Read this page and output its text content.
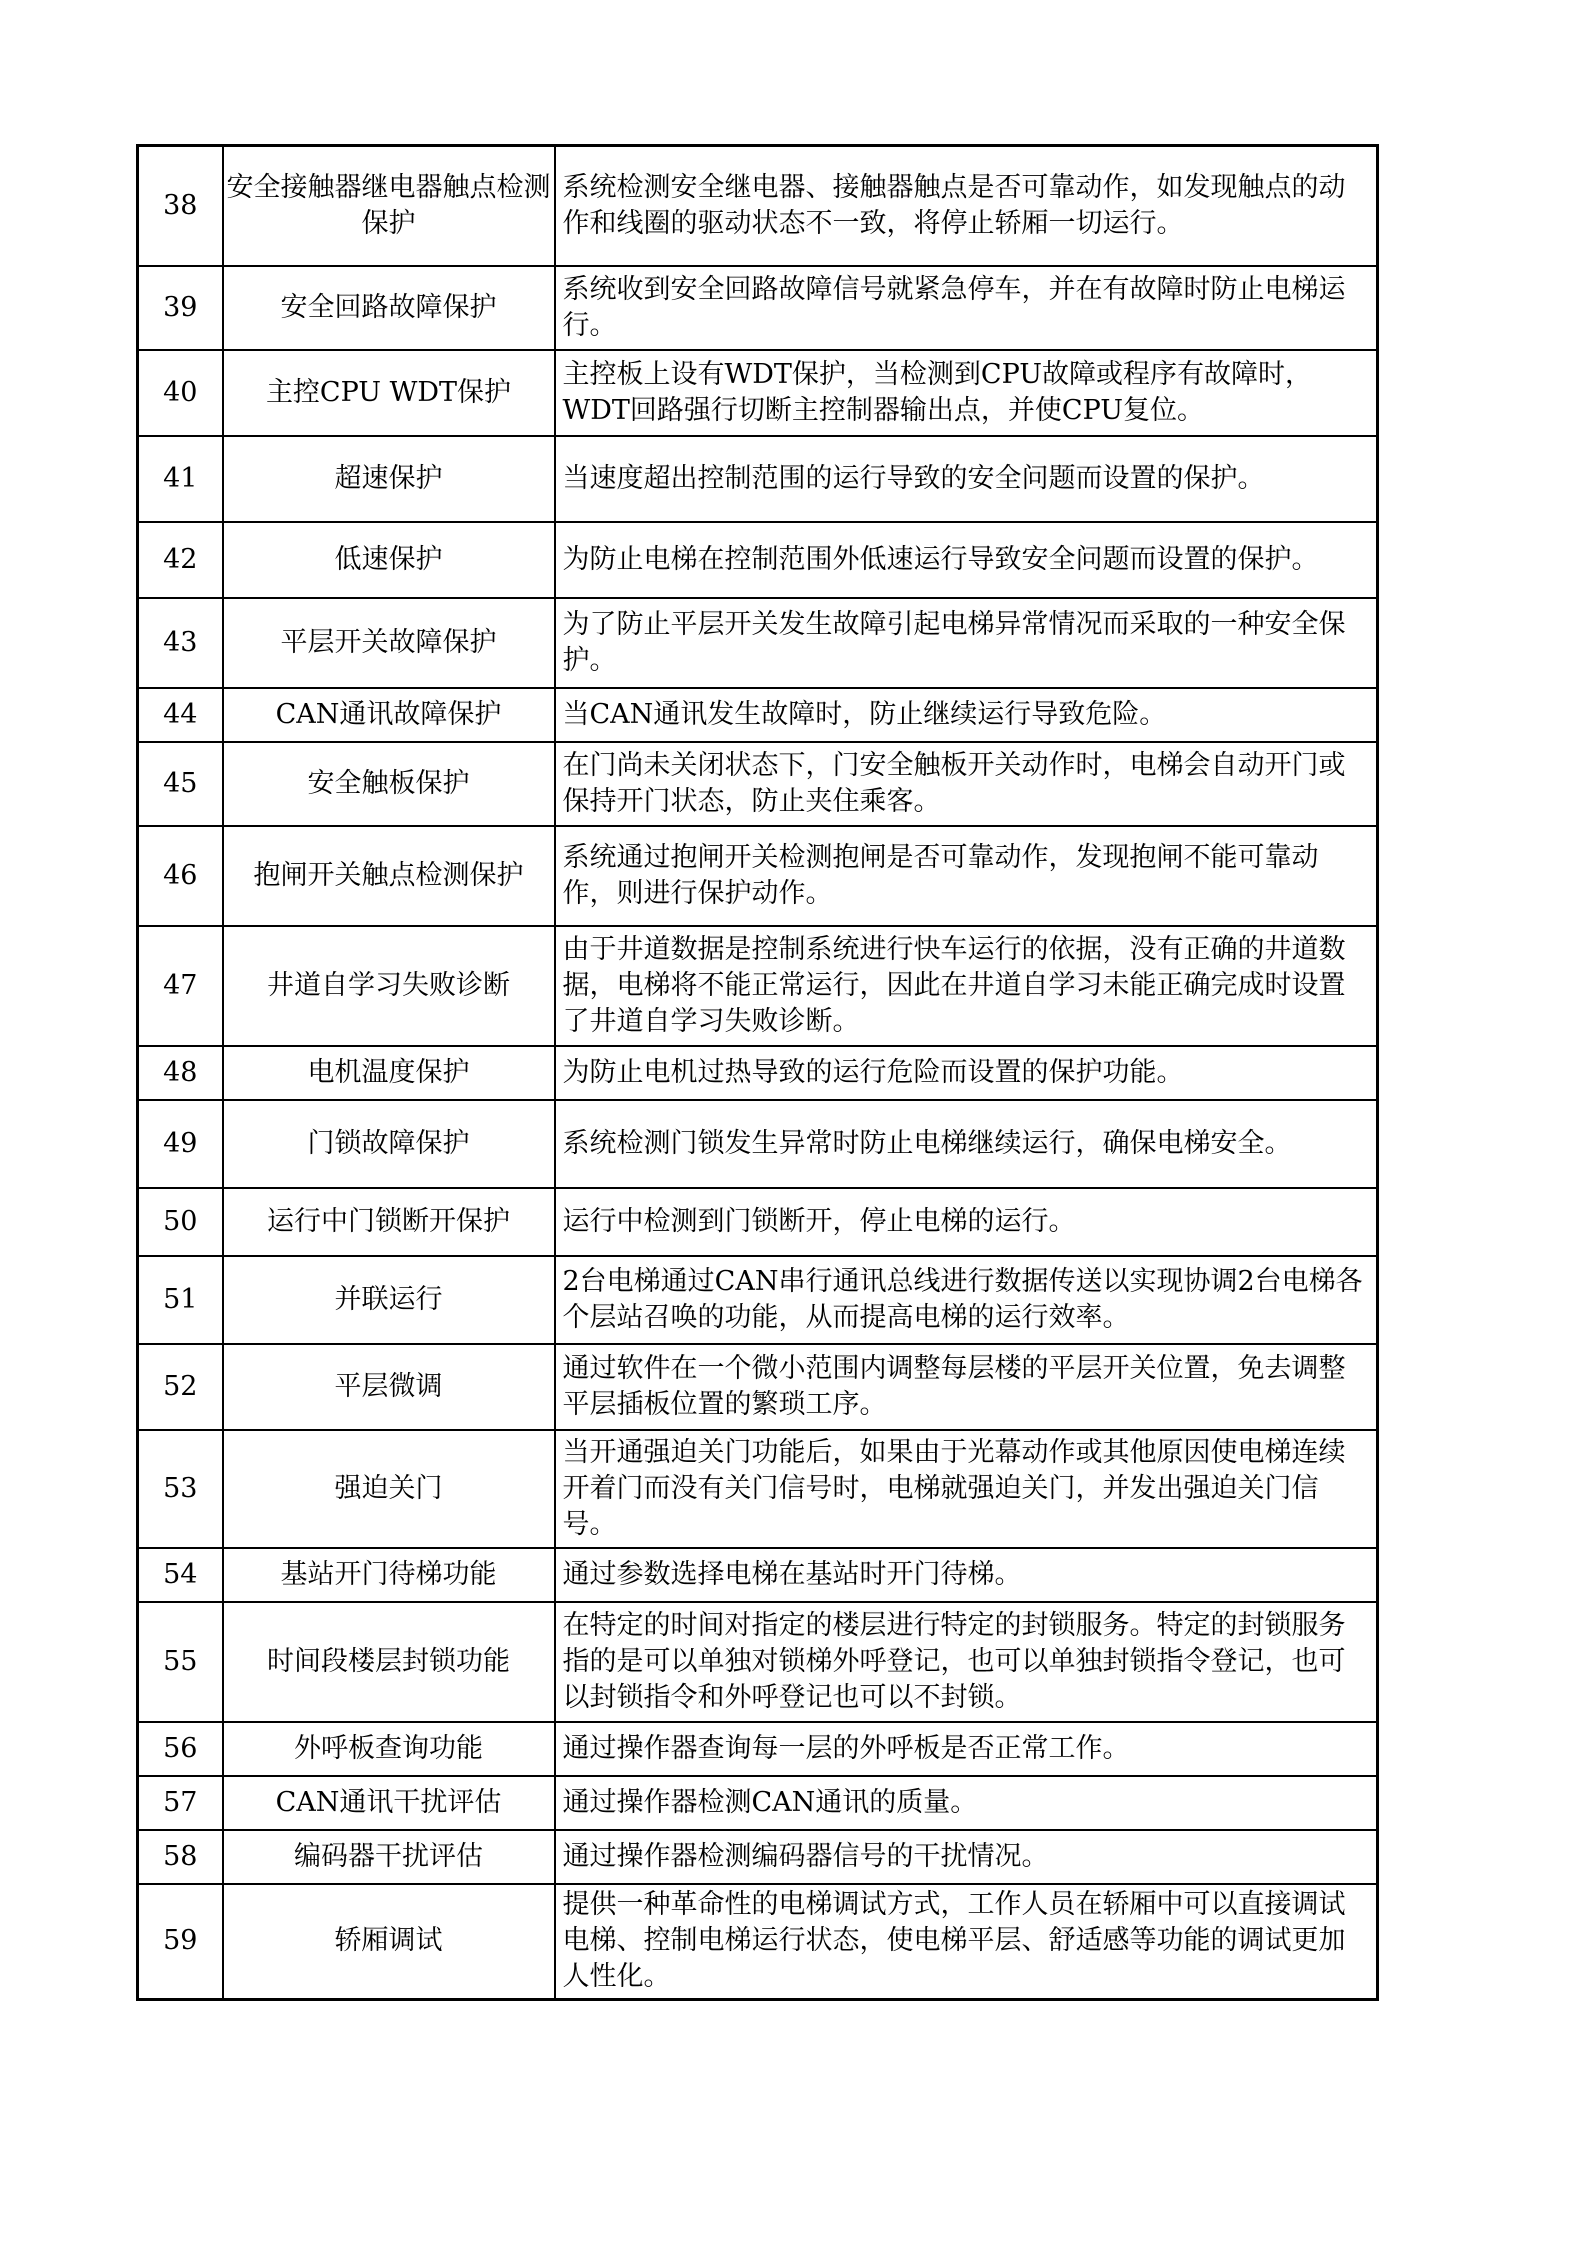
38	安全接触器继电器触点检测保护	系统检测安全继电器、接触器触点是否可靠动作，如发现触点的动作和线圈的驱动状态不一致，将停止轿厢一切运行。
39	安全回路故障保护	系统收到安全回路故障信号就紧急停车，并在有故障时防止电梯运行。
40	主控CPU WDT保护	主控板上设有WDT保护，当检测到CPU故障或程序有故障时，WDT回路强行切断主控制器输出点，并使CPU复位。
41	超速保护	当速度超出控制范围的运行导致的安全问题而设置的保护。
42	低速保护	为防止电梯在控制范围外低速运行导致安全问题而设置的保护。
43	平层开关故障保护	为了防止平层开关发生故障引起电梯异常情况而采取的一种安全保护。
44	CAN通讯故障保护	当CAN通讯发生故障时，防止继续运行导致危险。
45	安全触板保护	在门尚未关闭状态下，门安全触板开关动作时，电梯会自动开门或保持开门状态，防止夹住乘客。
46	抱闸开关触点检测保护	系统通过抱闸开关检测抱闸是否可靠动作，发现抱闸不能可靠动作，则进行保护动作。
47	井道自学习失败诊断	由于井道数据是控制系统进行快车运行的依据，没有正确的井道数据，电梯将不能正常运行，因此在井道自学习未能正确完成时设置了井道自学习失败诊断。
48	电机温度保护	为防止电机过热导致的运行危险而设置的保护功能。
49	门锁故障保护	系统检测门锁发生异常时防止电梯继续运行，确保电梯安全。
50	运行中门锁断开保护	运行中检测到门锁断开，停止电梯的运行。
51	并联运行	2台电梯通过CAN串行通讯总线进行数据传送以实现协调2台电梯各个层站召唤的功能，从而提高电梯的运行效率。
52	平层微调	通过软件在一个微小范围内调整每层楼的平层开关位置，免去调整平层插板位置的繁琐工序。
53	强迫关门	当开通强迫关门功能后，如果由于光幕动作或其他原因使电梯连续开着门而没有关门信号时，电梯就强迫关门，并发出强迫关门信号。
54	基站开门待梯功能	通过参数选择电梯在基站时开门待梯。
55	时间段楼层封锁功能	在特定的时间对指定的楼层进行特定的封锁服务。特定的封锁服务指的是可以单独对锁梯外呼登记，也可以单独封锁指令登记，也可以封锁指令和外呼登记也可以不封锁。
56	外呼板查询功能	通过操作器查询每一层的外呼板是否正常工作。
57	CAN通讯干扰评估	通过操作器检测CAN通讯的质量。
58	编码器干扰评估	通过操作器检测编码器信号的干扰情况。
59	轿厢调试	提供一种革命性的电梯调试方式，工作人员在轿厢中可以直接调试电梯、控制电梯运行状态，使电梯平层、舒适感等功能的调试更加人性化。
